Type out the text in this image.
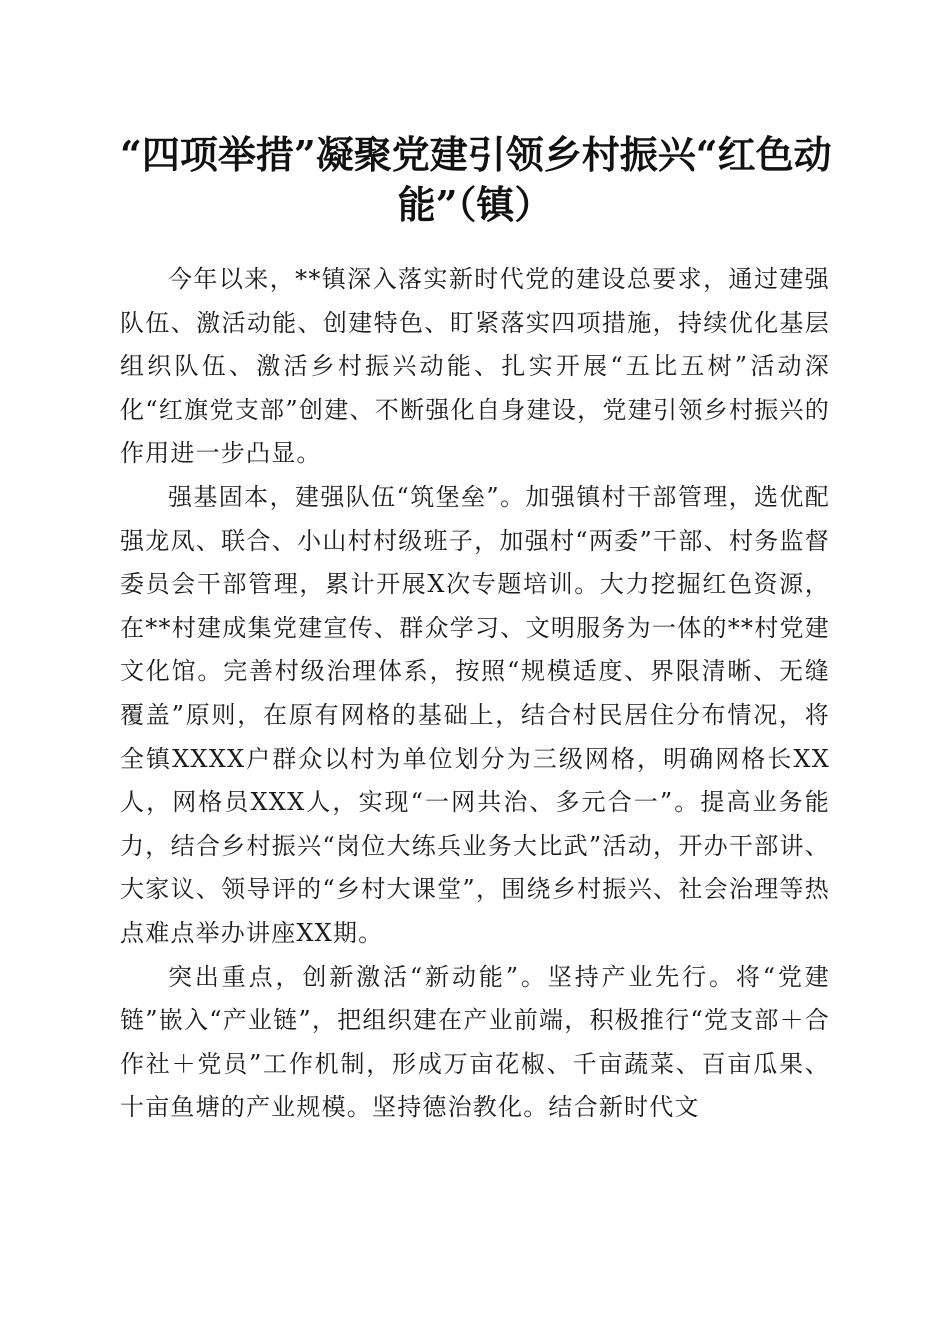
“四项举措”凝聚党建引领乡村振兴“红色动
能”（镇）

今年以来，**镇深入落实新时代党的建设总要求，通过建强队伍、激活动能、创建特色、盯紧落实四项措施，持续优化基层组织队伍、激活乡村振兴动能、扎实开展“五比五树”活动深化“红旗党支部”创建、不断强化自身建设，党建引领乡村振兴的作用进一步凸显。

强基固本，建强队伍“筑堡垒”。加强镇村干部管理，选优配强龙凤、联合、小山村村级班子，加强村“两委”干部、村务监督委员会干部管理，累计开展X次专题培训。大力挖掘红色资源，在**村建成集党建宣传、群众学习、文明服务为一体的**村党建文化馆。完善村级治理体系，按照“规模适度、界限清晰、无缝覆盖”原则，在原有网格的基础上，结合村民居住分布情况，将全镇XXXX户群众以村为单位划分为三级网格，明确网格长XX人，网格员XXX人，实现“一网共治、多元合一”。提高业务能力，结合乡村振兴“岗位大练兵业务大比武”活动，开办干部讲、大家议、领导评的“乡村大课堂”，围绕乡村振兴、社会治理等热点难点举办讲座XX期。

突出重点，创新激活“新动能”。坚持产业先行。将“党建链”嵌入“产业链”，把组织建在产业前端，积极推行“党支部＋合作社＋党员”工作机制，形成万亩花椒、千亩蔬菜、百亩瓜果、十亩鱼塘的产业规模。坚持德治教化。结合新时代文
